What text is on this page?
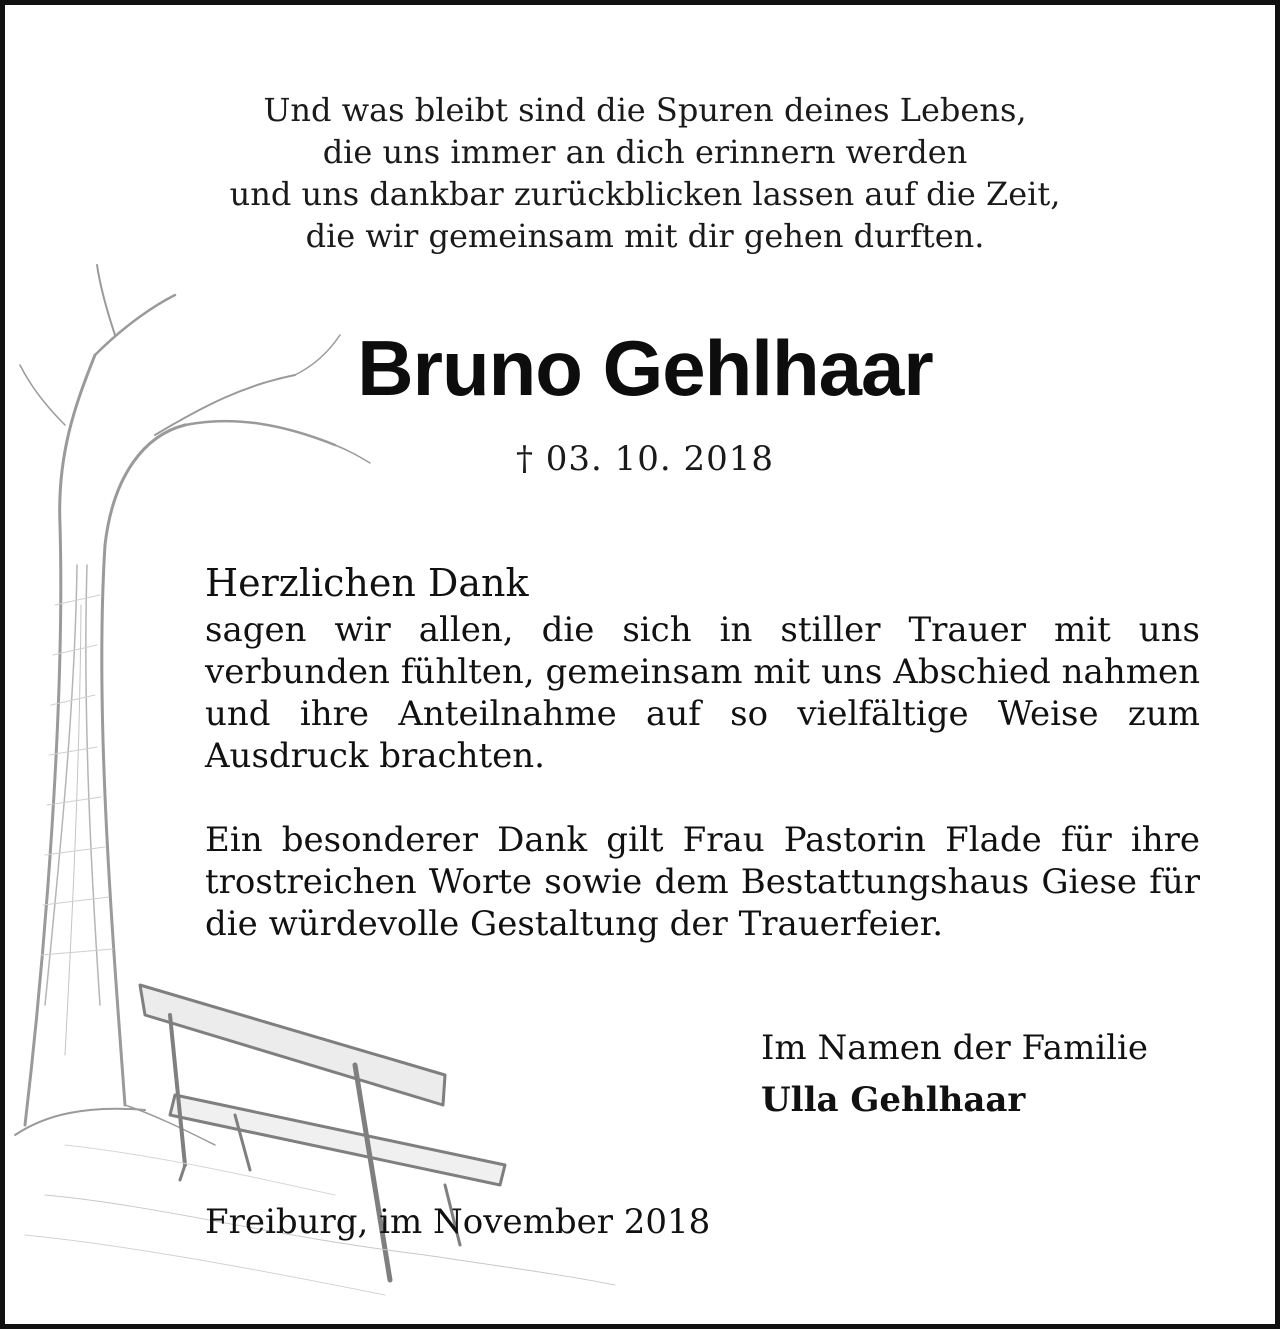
Und was bleibt sind die Spuren deines Lebens,
die uns immer an dich erinnern werden
und uns dankbar zurückblicken lassen auf die Zeit,
die wir gemeinsam mit dir gehen durften.
Bruno Gehlhaar
† 03. 10. 2018
Herzlichen Dank
sagen wir allen, die sich in stiller Trauer mit uns verbunden fühlten, gemeinsam mit uns Abschied nahmen und ihre Anteilnahme auf so vielfältige Weise zum Ausdruck brachten.
Ein besonderer Dank gilt Frau Pastorin Flade für ihre trostreichen Worte sowie dem Bestattungshaus Giese für die würdevolle Gestaltung der Trauerfeier.
Im Namen der Familie
Ulla Gehlhaar
Freiburg, im November 2018
